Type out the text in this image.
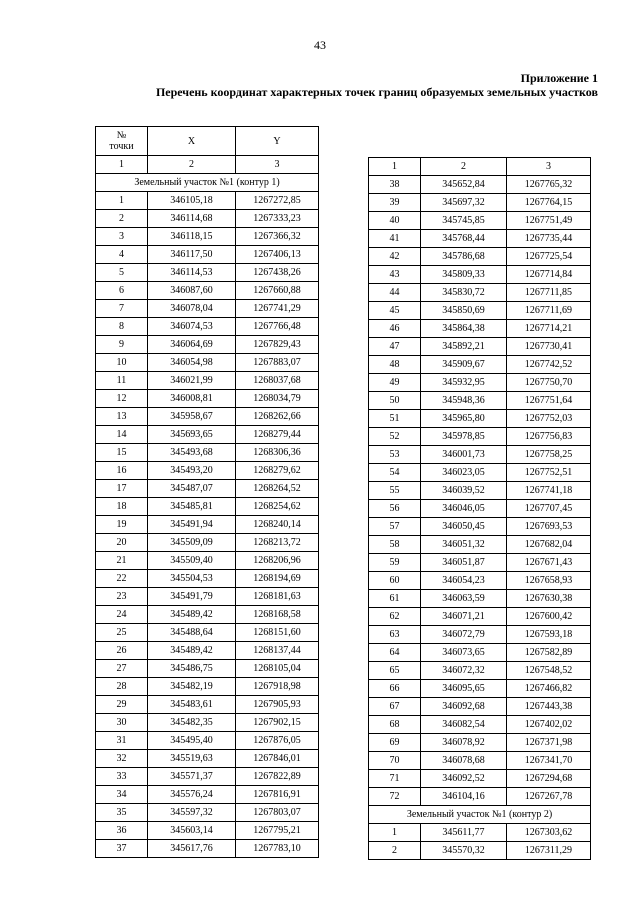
43
Приложение 1
Перечень координат характерных точек границ образуемых земельных участков
№
точки	X	Y
1	2	3
Земельный участок №1 (контур 1)		
1	346105,18	1267272,85
2	346114,68	1267333,23
3	346118,15	1267366,32
4	346117,50	1267406,13
5	346114,53	1267438,26
6	346087,60	1267660,88
7	346078,04	1267741,29
8	346074,53	1267766,48
9	346064,69	1267829,43
10	346054,98	1267883,07
11	346021,99	1268037,68
12	346008,81	1268034,79
13	345958,67	1268262,66
14	345693,65	1268279,44
15	345493,68	1268306,36
16	345493,20	1268279,62
17	345487,07	1268264,52
18	345485,81	1268254,62
19	345491,94	1268240,14
20	345509,09	1268213,72
21	345509,40	1268206,96
22	345504,53	1268194,69
23	345491,79	1268181,63
24	345489,42	1268168,58
25	345488,64	1268151,60
26	345489,42	1268137,44
27	345486,75	1268105,04
28	345482,19	1267918,98
29	345483,61	1267905,93
30	345482,35	1267902,15
31	345495,40	1267876,05
32	345519,63	1267846,01
33	345571,37	1267822,89
34	345576,24	1267816,91
35	345597,32	1267803,07
36	345603,14	1267795,21
37	345617,76	1267783,10
1	2	3
38	345652,84	1267765,32
39	345697,32	1267764,15
40	345745,85	1267751,49
41	345768,44	1267735,44
42	345786,68	1267725,54
43	345809,33	1267714,84
44	345830,72	1267711,85
45	345850,69	1267711,69
46	345864,38	1267714,21
47	345892,21	1267730,41
48	345909,67	1267742,52
49	345932,95	1267750,70
50	345948,36	1267751,64
51	345965,80	1267752,03
52	345978,85	1267756,83
53	346001,73	1267758,25
54	346023,05	1267752,51
55	346039,52	1267741,18
56	346046,05	1267707,45
57	346050,45	1267693,53
58	346051,32	1267682,04
59	346051,87	1267671,43
60	346054,23	1267658,93
61	346063,59	1267630,38
62	346071,21	1267600,42
63	346072,79	1267593,18
64	346073,65	1267582,89
65	346072,32	1267548,52
66	346095,65	1267466,82
67	346092,68	1267443,38
68	346082,54	1267402,02
69	346078,92	1267371,98
70	346078,68	1267341,70
71	346092,52	1267294,68
72	346104,16	1267267,78
Земельный участок №1 (контур 2)		
1	345611,77	1267303,62
2	345570,32	1267311,29
